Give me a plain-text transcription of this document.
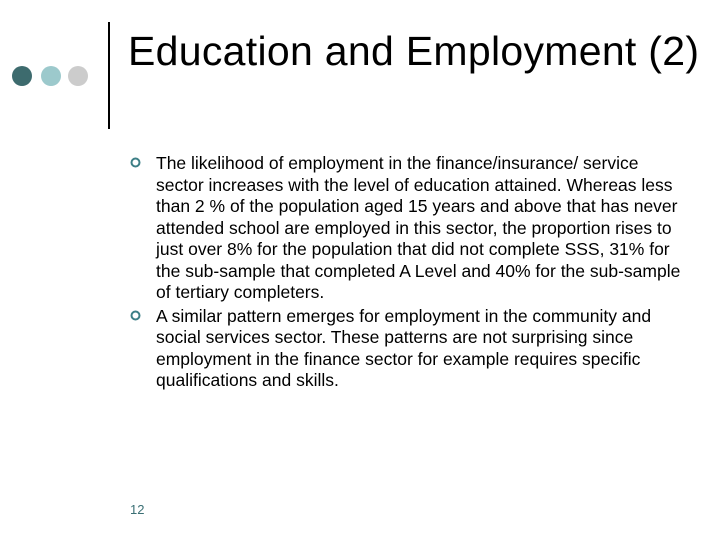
Education and Employment (2)
The likelihood of employment in the finance/insurance/ service sector increases with the level of education attained. Whereas less than 2 % of the population aged 15 years and above that has never attended school are employed in this sector, the proportion rises to just over 8% for the population that did not complete SSS, 31% for the sub-sample that completed A Level and 40% for the sub-sample of tertiary completers.
A similar pattern emerges for employment in the community and social services sector. These patterns are not surprising since employment in the finance sector for example requires specific qualifications and skills.
12
